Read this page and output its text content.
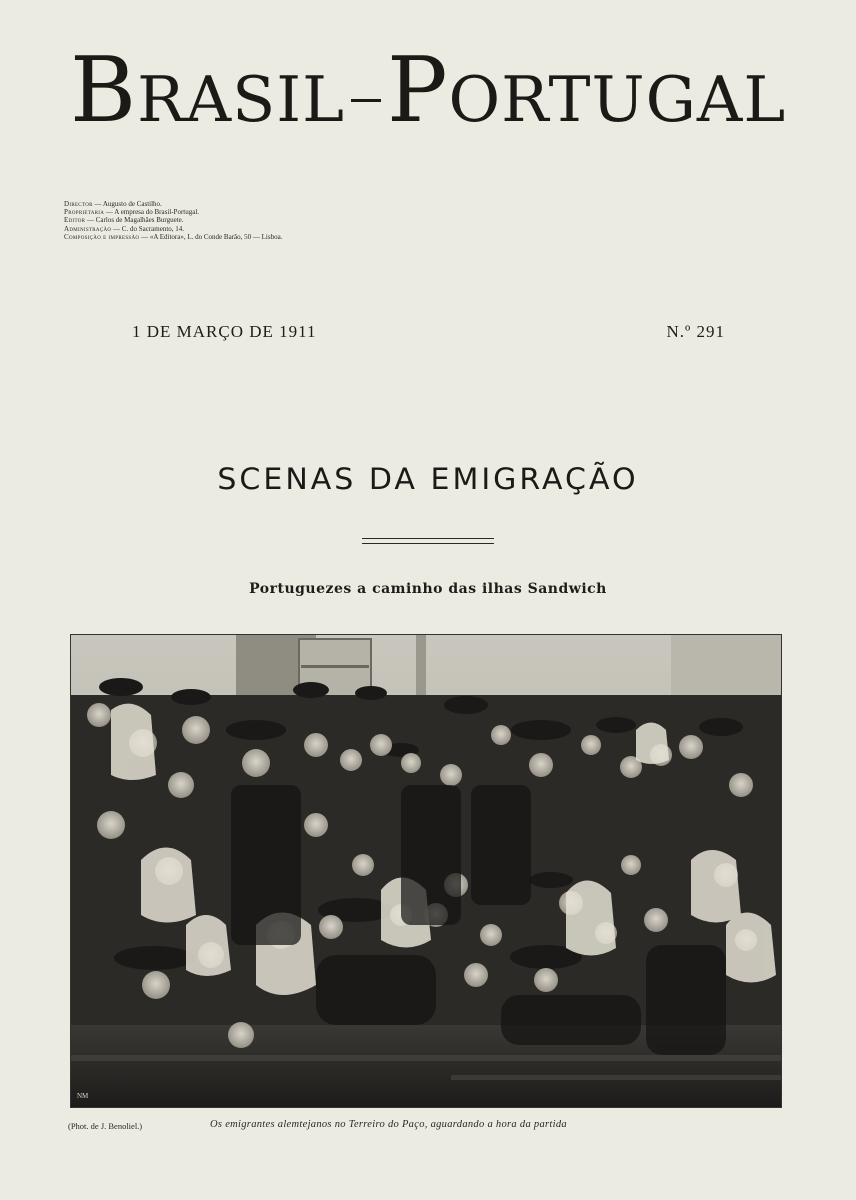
BRASIL PORTUGAL
Director — Augusto de Castilho.
Proprietaria — A empresa do Brasil-Portugal.
Editor — Carlos de Magalhães Burguete.
Administração — C. do Sacramento, 14.
Composição e impressão — «A Editora», L. do Conde Barão, 50 — Lisboa.
1 DE MARÇO DE 1911	N.º 291
SCENAS DA EMIGRAÇÃO
Portuguezes a caminho das ilhas Sandwich
NM
(Phot. de J. Benoliel.)	Os emigrantes alemtejanos no Terreiro do Paço, aguardando a hora da partida
